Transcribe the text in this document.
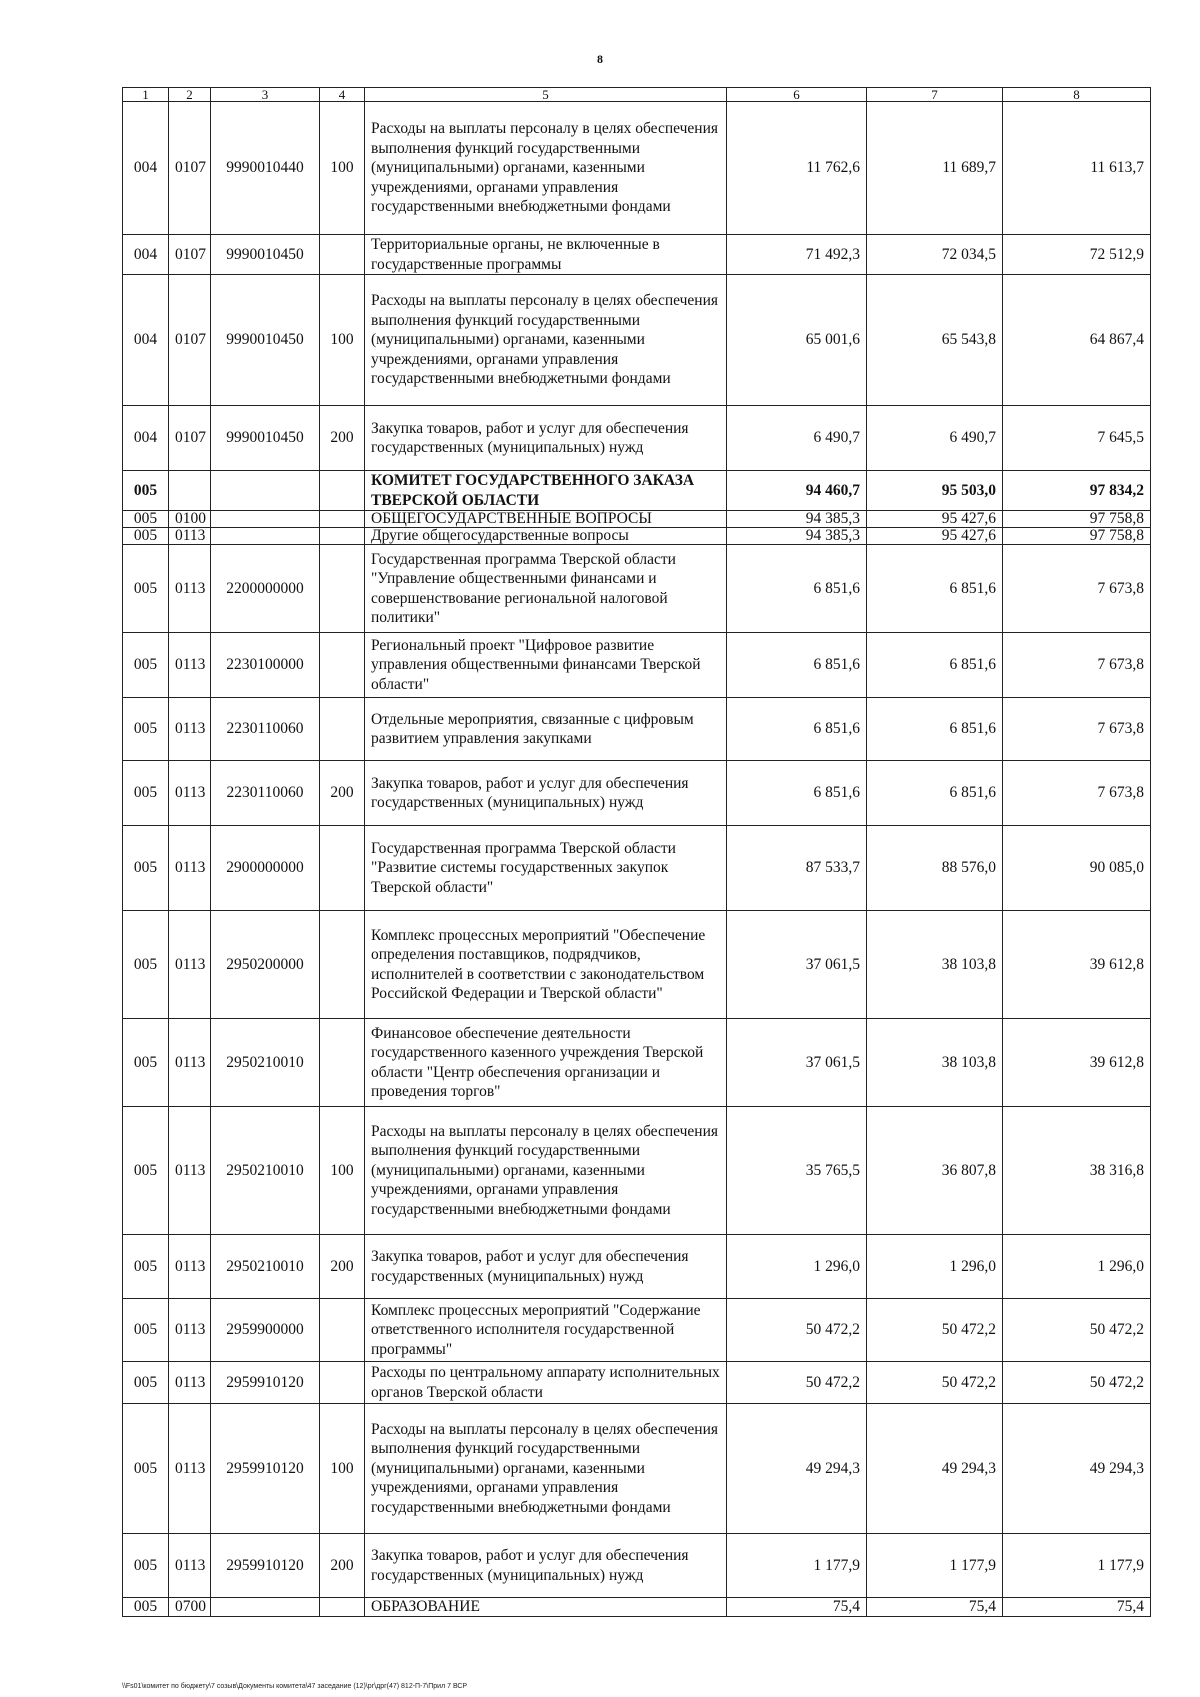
8
1	2	3	4	5	6	7	8
004	0107	9990010440	100	Расходы на выплаты персоналу в целях обеспечения выполнения функций государственными (муниципальными) органами, казенными учреждениями, органами управления государственными внебюджетными фондами	11 762,6	11 689,7	11 613,7
004	0107	9990010450		Территориальные органы, не включенные в государственные программы	71 492,3	72 034,5	72 512,9
004	0107	9990010450	100	Расходы на выплаты персоналу в целях обеспечения выполнения функций государственными (муниципальными) органами, казенными учреждениями, органами управления государственными внебюджетными фондами	65 001,6	65 543,8	64 867,4
004	0107	9990010450	200	Закупка товаров, работ и услуг для обеспечения государственных (муниципальных) нужд	6 490,7	6 490,7	7 645,5
005				КОМИТЕТ ГОСУДАРСТВЕННОГО ЗАКАЗА ТВЕРСКОЙ ОБЛАСТИ	94 460,7	95 503,0	97 834,2
005	0100			ОБЩЕГОСУДАРСТВЕННЫЕ ВОПРОСЫ	94 385,3	95 427,6	97 758,8
005	0113			Другие общегосударственные вопросы	94 385,3	95 427,6	97 758,8
005	0113	2200000000		Государственная программа Тверской области "Управление общественными финансами и совершенствование региональной налоговой политики"	6 851,6	6 851,6	7 673,8
005	0113	2230100000		Региональный проект "Цифровое развитие управления общественными финансами Тверской области"	6 851,6	6 851,6	7 673,8
005	0113	2230110060		Отдельные мероприятия, связанные с цифровым развитием управления закупками	6 851,6	6 851,6	7 673,8
005	0113	2230110060	200	Закупка товаров, работ и услуг для обеспечения государственных (муниципальных) нужд	6 851,6	6 851,6	7 673,8
005	0113	2900000000		Государственная программа Тверской области "Развитие системы государственных закупок Тверской области"	87 533,7	88 576,0	90 085,0
005	0113	2950200000		Комплекс процессных мероприятий "Обеспечение определения поставщиков, подрядчиков, исполнителей в соответствии с законодательством Российской Федерации и Тверской области"	37 061,5	38 103,8	39 612,8
005	0113	2950210010		Финансовое обеспечение деятельности государственного казенного учреждения Тверской области "Центр обеспечения организации и проведения торгов"	37 061,5	38 103,8	39 612,8
005	0113	2950210010	100	Расходы на выплаты персоналу в целях обеспечения выполнения функций государственными (муниципальными) органами, казенными учреждениями, органами управления государственными внебюджетными фондами	35 765,5	36 807,8	38 316,8
005	0113	2950210010	200	Закупка товаров, работ и услуг для обеспечения государственных (муниципальных) нужд	1 296,0	1 296,0	1 296,0
005	0113	2959900000		Комплекс процессных мероприятий "Содержание ответственного исполнителя государственной программы"	50 472,2	50 472,2	50 472,2
005	0113	2959910120		Расходы по центральному аппарату исполнительных органов Тверской области	50 472,2	50 472,2	50 472,2
005	0113	2959910120	100	Расходы на выплаты персоналу в целях обеспечения выполнения функций государственными (муниципальными) органами, казенными учреждениями, органами управления государственными внебюджетными фондами	49 294,3	49 294,3	49 294,3
005	0113	2959910120	200	Закупка товаров, работ и услуг для обеспечения государственных (муниципальных) нужд	1 177,9	1 177,9	1 177,9
005	0700			ОБРАЗОВАНИЕ	75,4	75,4	75,4
\\Fs01\комитет по бюджету\7 созыв\Документы комитета\47 заседание (12)\рг\дрг(47) 812-П-7\Прил 7 ВСР
